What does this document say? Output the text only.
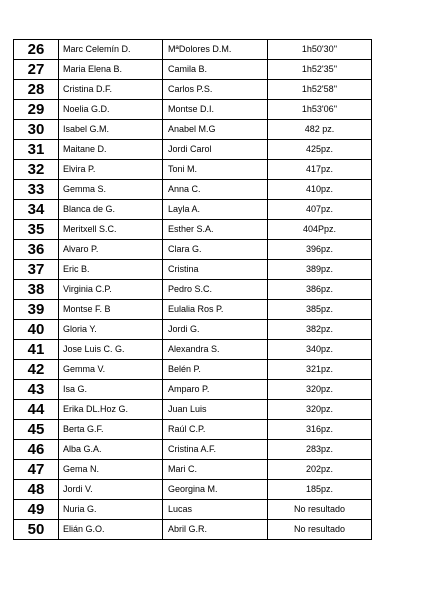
26	Marc Celemín D.	MªDolores D.M.	1h50'30''
27	Maria Elena B.	Camila B.	1h52'35''
28	Cristina D.F.	Carlos P.S.	1h52'58''
29	Noelia G.D.	Montse D.I.	1h53'06''
30	Isabel G.M.	Anabel M.G	482 pz.
31	Maitane D.	Jordi Carol	425pz.
32	Elvira P.	Toni M.	417pz.
33	Gemma S.	Anna C.	410pz.
34	Blanca de G.	Layla A.	407pz.
35	Meritxell S.C.	Esther S.A.	404Ppz.
36	Alvaro P.	Clara G.	396pz.
37	Eric B.	Cristina	389pz.
38	Virginia C.P.	Pedro S.C.	386pz.
39	Montse F. B	Eulalia Ros P.	385pz.
40	Gloria Y.	Jordi G.	382pz.
41	Jose Luis C. G.	Alexandra S.	340pz.
42	Gemma V.	Belén P.	321pz.
43	Isa G.	Amparo P.	320pz.
44	Erika DL.Hoz G.	Juan Luis	320pz.
45	Berta G.F.	Raúl C.P.	316pz.
46	Alba G.A.	Cristina A.F.	283pz.
47	Gema N.	Mari C.	202pz.
48	Jordi V.	Georgina M.	185pz.
49	Nuria G.	Lucas	No resultado
50	Elián G.O.	Abril G.R.	No resultado
